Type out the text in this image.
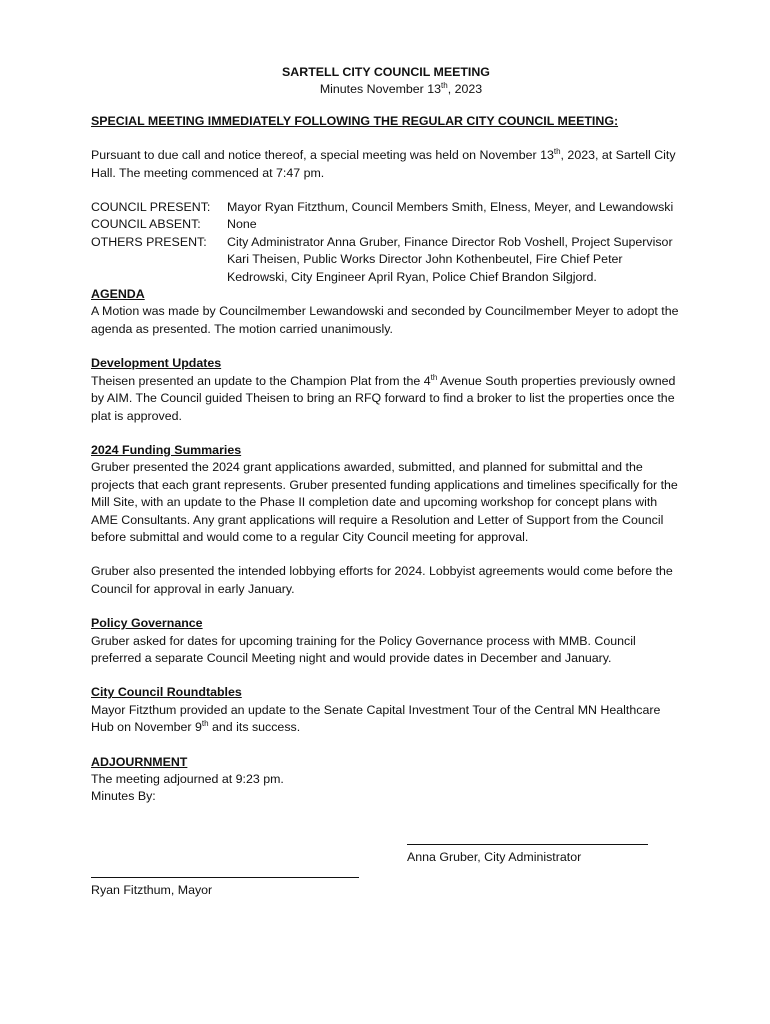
SARTELL CITY COUNCIL MEETING
Minutes November 13th, 2023
SPECIAL MEETING IMMEDIATELY FOLLOWING THE REGULAR CITY COUNCIL MEETING:

Pursuant to due call and notice thereof, a special meeting was held on November 13th, 2023, at Sartell City Hall. The meeting commenced at 7:47 pm.

COUNCIL PRESENT:	Mayor Ryan Fitzthum, Council Members Smith, Elness, Meyer, and Lewandowski
COUNCIL ABSENT:	None
OTHERS PRESENT:	City Administrator Anna Gruber, Finance Director Rob Voshell, Project Supervisor Kari Theisen, Public Works Director John Kothenbeutel, Fire Chief Peter Kedrowski, City Engineer April Ryan, Police Chief Brandon Silgjord.
AGENDA

A Motion was made by Councilmember Lewandowski and seconded by Councilmember Meyer to adopt the agenda as presented. The motion carried unanimously.

Development Updates

Theisen presented an update to the Champion Plat from the 4th Avenue South properties previously owned by AIM. The Council guided Theisen to bring an RFQ forward to find a broker to list the properties once the plat is approved.

2024 Funding Summaries

Gruber presented the 2024 grant applications awarded, submitted, and planned for submittal and the projects that each grant represents. Gruber presented funding applications and timelines specifically for the Mill Site, with an update to the Phase II completion date and upcoming workshop for concept plans with AME Consultants. Any grant applications will require a Resolution and Letter of Support from the Council before submittal and would come to a regular City Council meeting for approval.

Gruber also presented the intended lobbying efforts for 2024. Lobbyist agreements would come before the Council for approval in early January.

Policy Governance

Gruber asked for dates for upcoming training for the Policy Governance process with MMB. Council preferred a separate Council Meeting night and would provide dates in December and January.

City Council Roundtables

Mayor Fitzthum provided an update to the Senate Capital Investment Tour of the Central MN Healthcare Hub on November 9th and its success.

ADJOURNMENT

The meeting adjourned at 9:23 pm.

Minutes By:

Anna Gruber, City Administrator
Ryan Fitzthum, Mayor
